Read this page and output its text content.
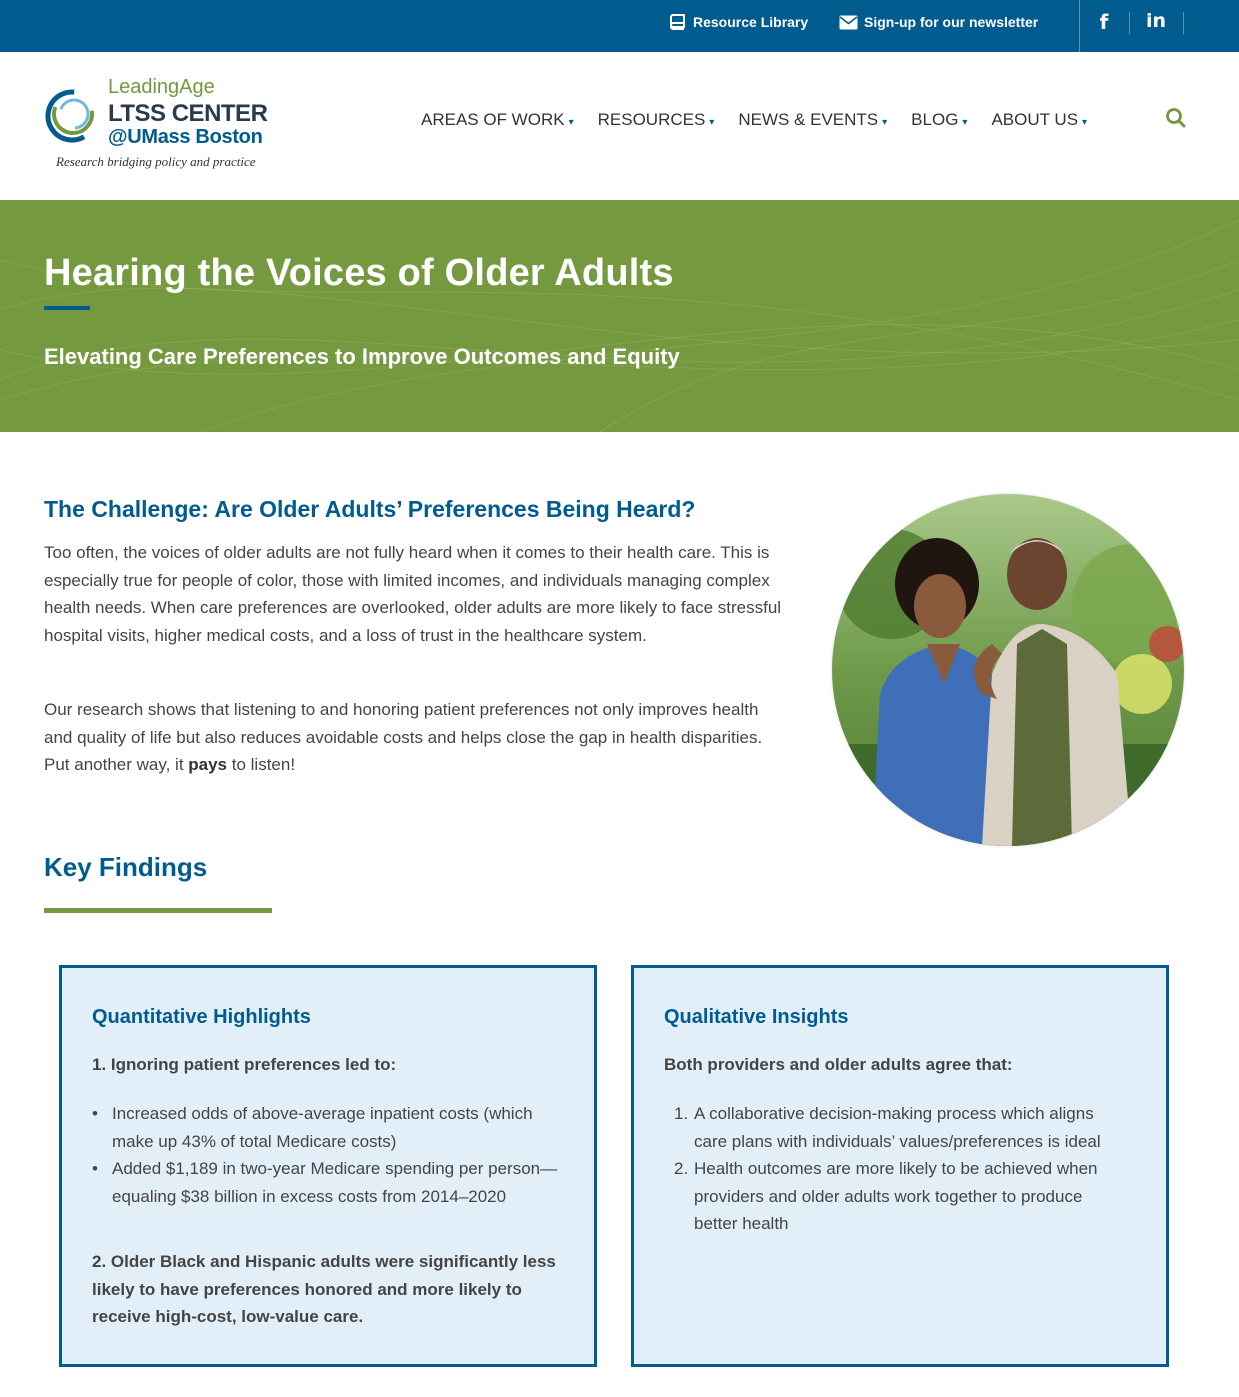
Resource Library	Sign-up for our newsletter	f	in
LeadingAge
LTSS CENTER
@UMass Boston
Research bridging policy and practice
AREAS OF WORK ▾ RESOURCES ▾ NEWS & EVENTS ▾ BLOG ▾ ABOUT US ▾
Hearing the Voices of Older Adults
Elevating Care Preferences to Improve Outcomes and Equity
The Challenge: Are Older Adults’ Preferences Being Heard?

Too often, the voices of older adults are not fully heard when it comes to their health care. This is especially true for people of color, those with limited incomes, and individuals managing complex health needs. When care preferences are overlooked, older adults are more likely to face stressful hospital visits, higher medical costs, and a loss of trust in the healthcare system.

Our research shows that listening to and honoring patient preferences not only improves health and quality of life but also reduces avoidable costs and helps close the gap in health disparities. Put another way, it pays to listen!

Key Findings
Quantitative Highlights
1. Ignoring patient preferences led to:
• Increased odds of above-average inpatient costs (which make up 43% of total Medicare costs)
• Added $1,189 in two-year Medicare spending per person—equaling $38 billion in excess costs from 2014–2020
2. Older Black and Hispanic adults were significantly less likely to have preferences honored and more likely to receive high-cost, low-value care.
Qualitative Insights
Both providers and older adults agree that:
1. A collaborative decision-making process which aligns care plans with individuals’ values/preferences is ideal
2. Health outcomes are more likely to be achieved when providers and older adults work together to produce better health
